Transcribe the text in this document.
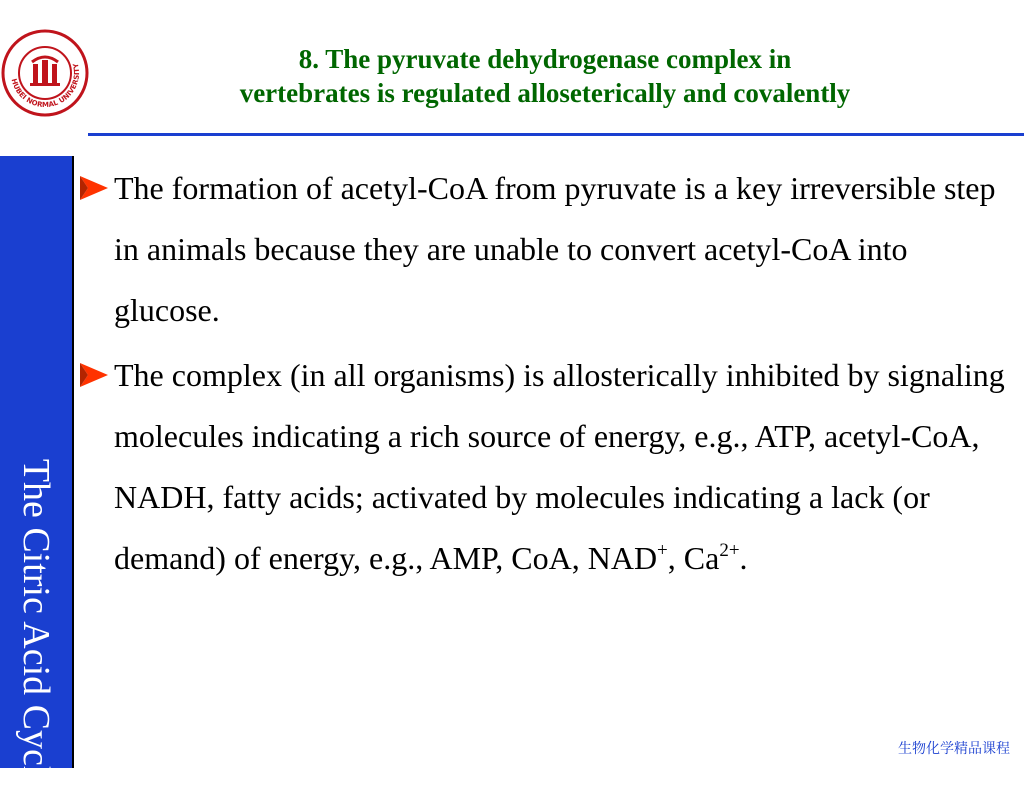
HUBEI NORMAL UNIVERSITY	8. The pyruvate dehydrogenase complex in
vertebrates is regulated alloseterically and covalently
The Citric Acid Cycle
The formation of acetyl-CoA from pyruvate is a key irreversible step in animals because they are unable to convert acetyl-CoA into glucose.
The complex (in all organisms) is allosterically inhibited by signaling molecules indicating a rich source of energy, e.g., ATP, acetyl-CoA, NADH, fatty acids; activated by molecules indicating a lack (or demand) of energy, e.g., AMP, CoA, NAD+, $Ca^{2+}$.
生物化学精品课程
